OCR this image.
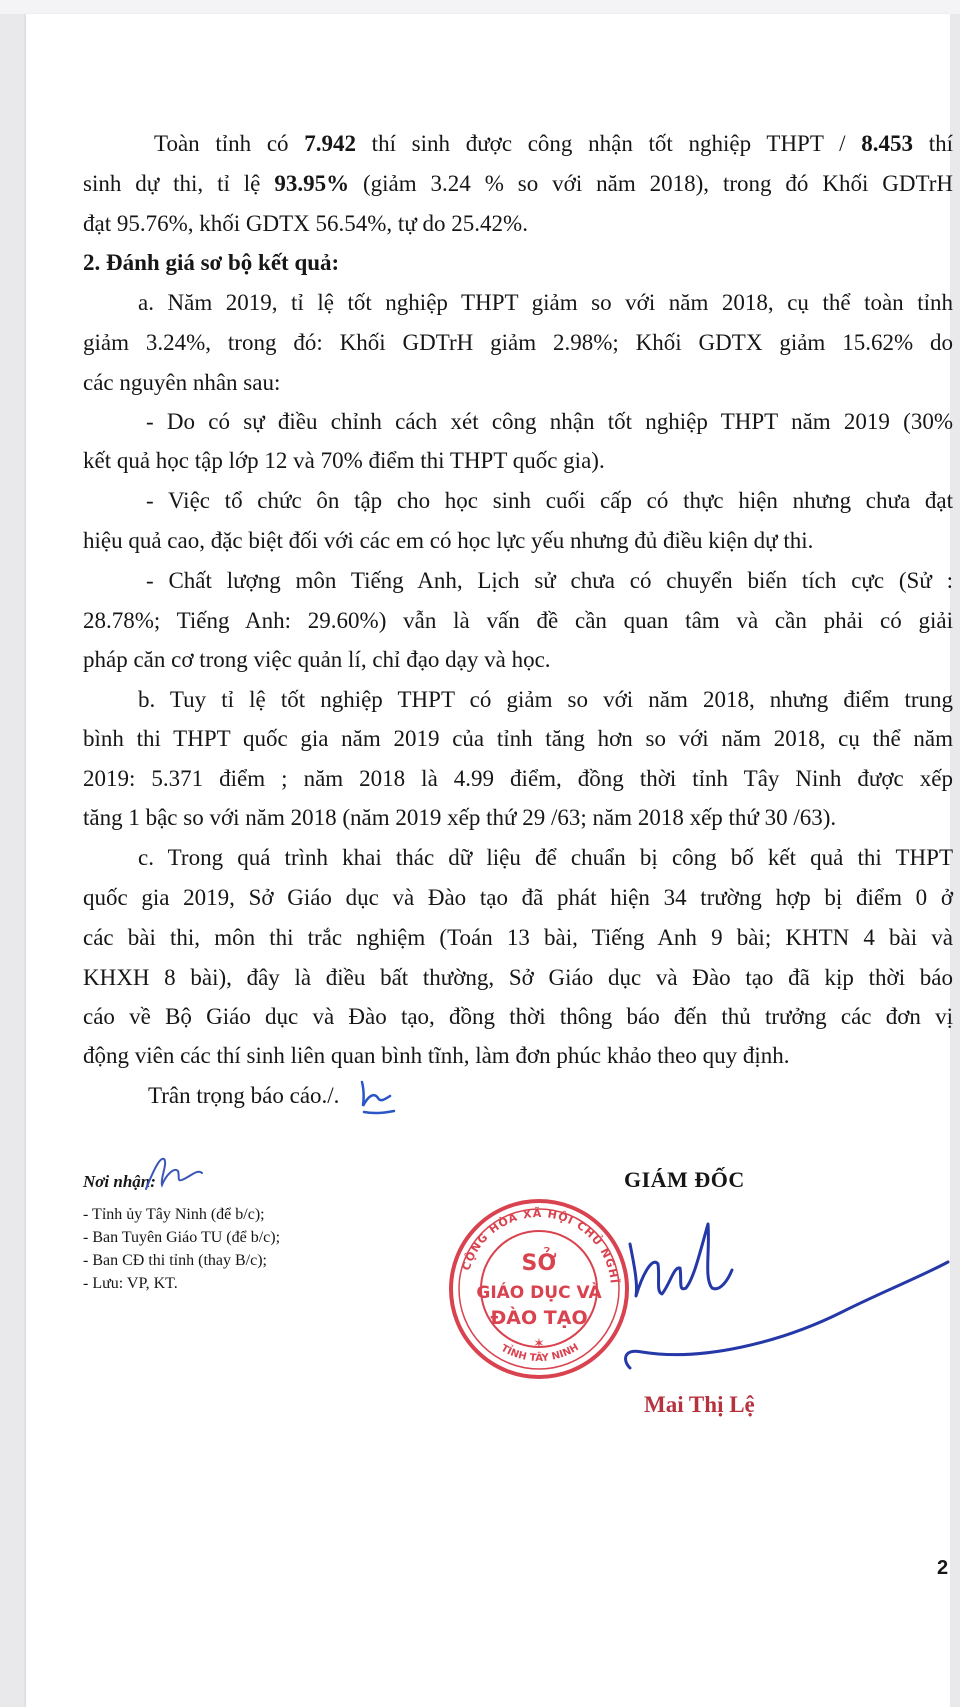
Toàn tỉnh có 7.942 thí sinh được công nhận tốt nghiệp THPT / 8.453 thí
sinh dự thi, tỉ lệ 93.95% (giảm 3.24 % so với năm 2018), trong đó Khối GDTrH
đạt 95.76%, khối GDTX 56.54%, tự do 25.42%.
2. Đánh giá sơ bộ kết quả:
a. Năm 2019, tỉ lệ tốt nghiệp THPT giảm so với năm 2018, cụ thể toàn tỉnh
giảm 3.24%, trong đó: Khối GDTrH giảm 2.98%; Khối GDTX giảm 15.62% do
các nguyên nhân sau:
- Do có sự điều chỉnh cách xét công nhận tốt nghiệp THPT năm 2019 (30%
kết quả học tập lớp 12 và 70% điểm thi THPT quốc gia).
- Việc tổ chức ôn tập cho học sinh cuối cấp có thực hiện nhưng chưa đạt
hiệu quả cao, đặc biệt đối với các em có học lực yếu nhưng đủ điều kiện dự thi.
- Chất lượng môn Tiếng Anh, Lịch sử chưa có chuyển biến tích cực (Sử :
28.78%; Tiếng Anh: 29.60%) vẫn là vấn đề cần quan tâm và cần phải có giải
pháp căn cơ trong việc quản lí, chỉ đạo dạy và học.
b. Tuy tỉ lệ tốt nghiệp THPT có giảm so với năm 2018, nhưng điểm trung
bình thi THPT quốc gia năm 2019 của tỉnh tăng hơn so với năm 2018, cụ thể năm
2019: 5.371 điểm ; năm 2018 là 4.99 điểm, đồng thời tỉnh Tây Ninh được xếp
tăng 1 bậc so với năm 2018 (năm 2019 xếp thứ 29 /63; năm 2018 xếp thứ 30 /63).
c. Trong quá trình khai thác dữ liệu để chuẩn bị công bố kết quả thi THPT
quốc gia 2019, Sở Giáo dục và Đào tạo đã phát hiện 34 trường hợp bị điểm 0 ở
các bài thi, môn thi trắc nghiệm (Toán 13 bài, Tiếng Anh 9 bài; KHTN 4 bài và
KHXH 8 bài), đây là điều bất thường, Sở Giáo dục và Đào tạo đã kịp thời báo
cáo về Bộ Giáo dục và Đào tạo, đồng thời thông báo đến thủ trưởng các đơn vị
động viên các thí sinh liên quan bình tĩnh, làm đơn phúc khảo theo quy định.
Trân trọng báo cáo./.
Nơi nhận:
- Tỉnh ủy Tây Ninh (để b/c);
- Ban Tuyên Giáo TU (để b/c);
- Ban CĐ thi tỉnh (thay B/c);
- Lưu: VP, KT.
GIÁM ĐỐC
CỘNG HÒA XÃ HỘI CHỦ NGHĨA VIỆT NAM
TỈNH TÂY NINH
SỞ
GIÁO DỤC VÀ
ĐÀO TẠO
✶
Mai Thị Lệ
2
